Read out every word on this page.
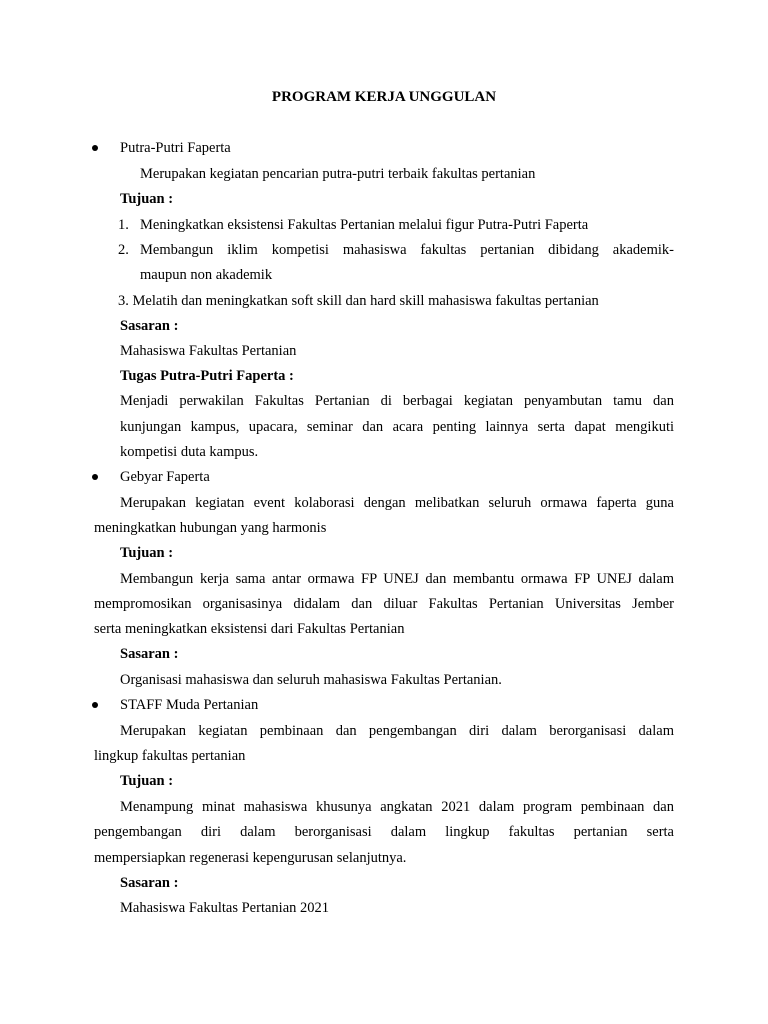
PROGRAM KERJA UNGGULAN
Putra-Putri Faperta
Merupakan kegiatan pencarian putra-putri terbaik fakultas pertanian
Tujuan :
1. Meningkatkan eksistensi Fakultas Pertanian melalui figur Putra-Putri Faperta
2. Membangun iklim kompetisi mahasiswa fakultas pertanian dibidang akademik-
maupun non akademik
3. Melatih dan meningkatkan soft skill dan hard skill mahasiswa fakultas pertanian
Sasaran :
Mahasiswa Fakultas Pertanian
Tugas Putra-Putri Faperta :
Menjadi perwakilan Fakultas Pertanian di berbagai kegiatan penyambutan tamu dan
kunjungan kampus, upacara, seminar dan acara penting lainnya serta dapat mengikuti
kompetisi duta kampus.
Gebyar Faperta
Merupakan kegiatan event kolaborasi dengan melibatkan seluruh ormawa faperta guna
meningkatkan hubungan yang harmonis
Tujuan :
Membangun kerja sama antar ormawa FP UNEJ dan membantu ormawa FP UNEJ dalam
mempromosikan organisasinya didalam dan diluar Fakultas Pertanian Universitas Jember
serta meningkatkan eksistensi dari Fakultas Pertanian
Sasaran :
Organisasi mahasiswa dan seluruh mahasiswa Fakultas Pertanian.
STAFF Muda Pertanian
Merupakan kegiatan pembinaan dan pengembangan diri dalam berorganisasi dalam
lingkup fakultas pertanian
Tujuan :
Menampung minat mahasiswa khusunya angkatan 2021 dalam program pembinaan dan
pengembangan diri dalam berorganisasi dalam lingkup fakultas pertanian serta
mempersiapkan regenerasi kepengurusan selanjutnya.
Sasaran :
Mahasiswa Fakultas Pertanian 2021
